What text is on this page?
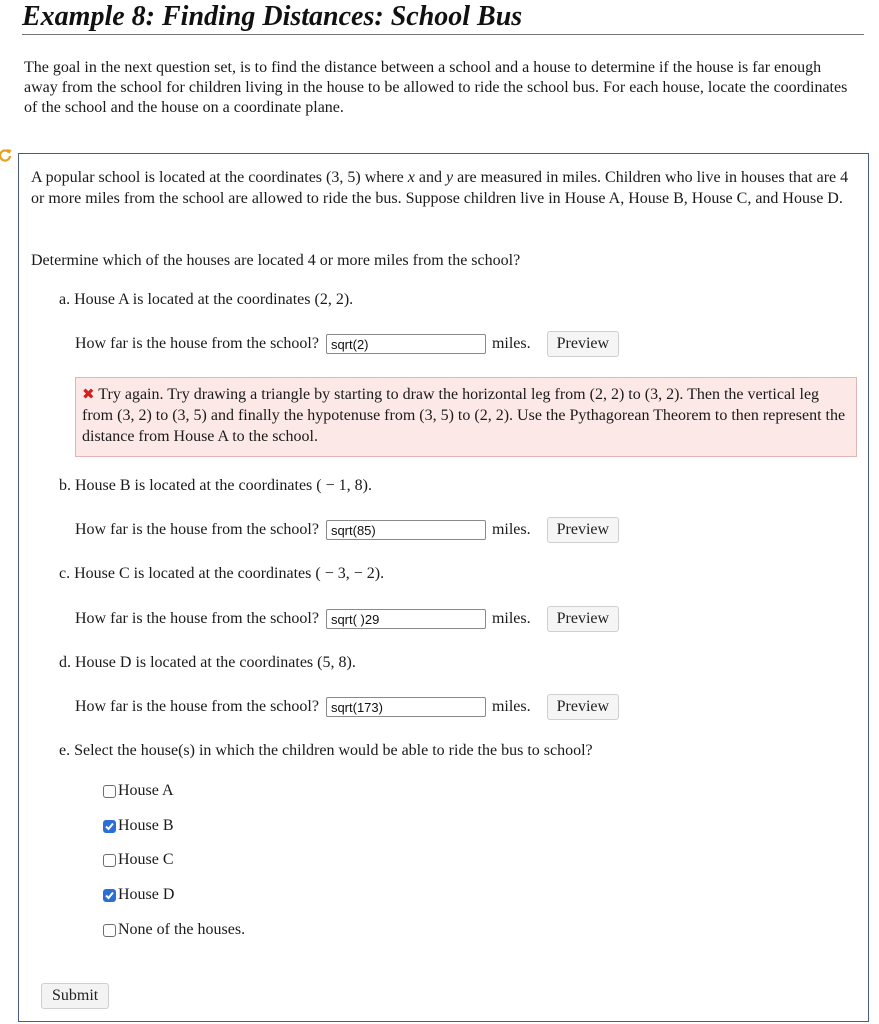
Example 8: Finding Distances: School Bus
The goal in the next question set, is to find the distance between a school and a house to determine if the house is far enough away from the school for children living in the house to be allowed to ride the school bus. For each house, locate the coordinates of the school and the house on a coordinate plane.
A popular school is located at the coordinates (3, 5) where x and y are measured in miles. Children who live in houses that are 4 or more miles from the school are allowed to ride the bus. Suppose children live in House A, House B, House C, and House D.
Determine which of the houses are located 4 or more miles from the school?
a. House A is located at the coordinates (2, 2).
How far is the house from the school?
sqrt(2)	miles.	Preview
✖ Try again. Try drawing a triangle by starting to draw the horizontal leg from (2, 2) to (3, 2). Then the vertical leg from (3, 2) to (3, 5) and finally the hypotenuse from (3, 5) to (2, 2). Use the Pythagorean Theorem to then represent the distance from House A to the school.
b. House B is located at the coordinates ( − 1, 8).
How far is the house from the school?
sqrt(85)	miles.	Preview
c. House C is located at the coordinates ( − 3, − 2).
How far is the house from the school?
sqrt( )29	miles.	Preview
d. House D is located at the coordinates (5, 8).
How far is the house from the school?
sqrt(173)	miles.	Preview
e. Select the house(s) in which the children would be able to ride the bus to school?
House A
House B
House C
House D
None of the houses.
Submit
